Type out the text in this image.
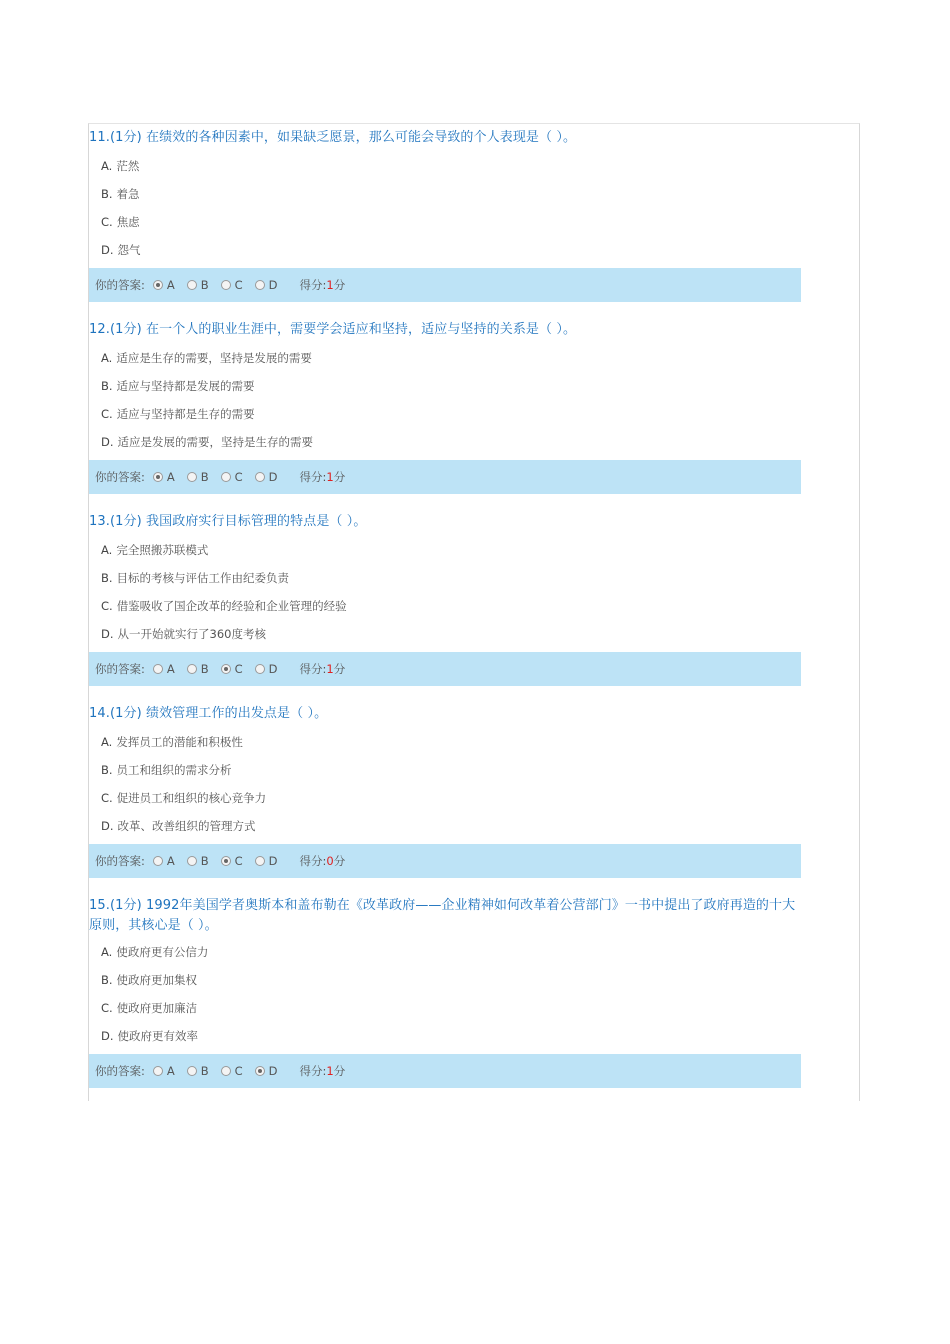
11.(1分) 在绩效的各种因素中，如果缺乏愿景，那么可能会导致的个人表现是（ ）。

A. 茫然
B. 着急
C. 焦虑
D. 怨气
你的答案: A B C D 得分: 1 分

12.(1分) 在一个人的职业生涯中，需要学会适应和坚持，适应与坚持的关系是（ ）。

A. 适应是生存的需要，坚持是发展的需要
B. 适应与坚持都是发展的需要
C. 适应与坚持都是生存的需要
D. 适应是发展的需要，坚持是生存的需要
你的答案: A B C D 得分: 1 分

13.(1分) 我国政府实行目标管理的特点是（ ）。

A. 完全照搬苏联模式
B. 目标的考核与评估工作由纪委负责
C. 借鉴吸收了国企改革的经验和企业管理的经验
D. 从一开始就实行了360度考核
你的答案: A B C D 得分: 1 分

14.(1分) 绩效管理工作的出发点是（ ）。

A. 发挥员工的潜能和积极性
B. 员工和组织的需求分析
C. 促进员工和组织的核心竞争力
D. 改革、改善组织的管理方式
你的答案: A B C D 得分: 0 分

15.(1分) 1992年美国学者奥斯本和盖布勒在《改革政府——企业精神如何改革着公营部门》一书中提出了政府再造的十大原则，其核心是（ ）。

A. 使政府更有公信力
B. 使政府更加集权
C. 使政府更加廉洁
D. 使政府更有效率
你的答案: A B C D 得分: 1 分
